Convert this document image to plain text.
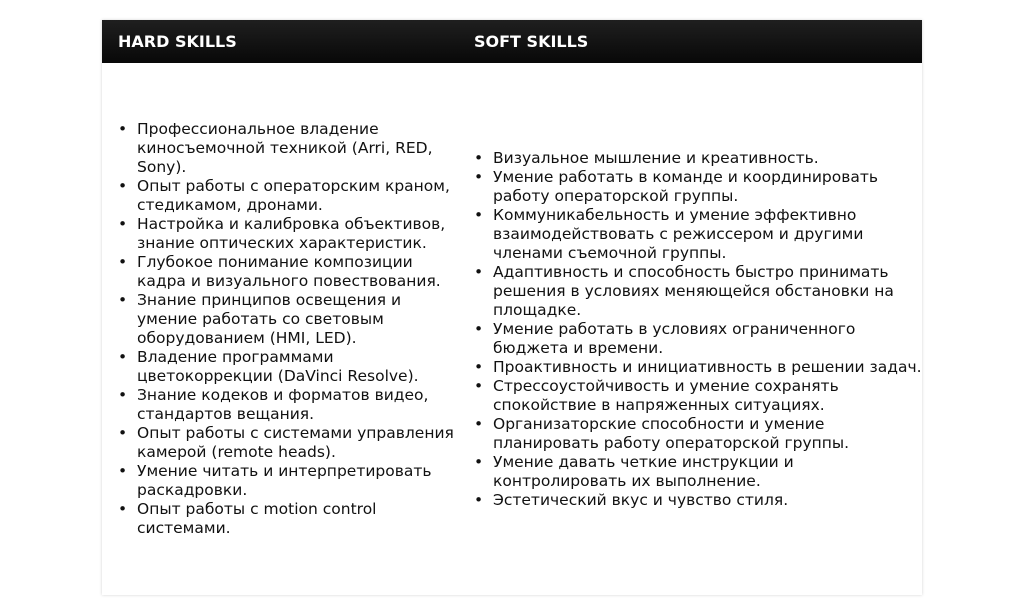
HARD SKILLS	SOFT SKILLS
• Профессиональное владение киносъемочной техникой (Arri, RED, Sony).
• Опыт работы с операторским краном, стедикамом, дронами.
• Настройка и калибровка объективов, знание оптических характеристик.
• Глубокое понимание композиции кадра и визуального повествования.
• Знание принципов освещения и умение работать со световым оборудованием (HMI, LED).
• Владение программами цветокоррекции (DaVinci Resolve).
• Знание кодеков и форматов видео, стандартов вещания.
• Опыт работы с системами управления камерой (remote heads).
• Умение читать и интерпретировать раскадровки.
• Опыт работы с motion control системами.
• Визуальное мышление и креативность.
• Умение работать в команде и координировать работу операторской группы.
• Коммуникабельность и умение эффективно взаимодействовать с режиссером и другими членами съемочной группы.
• Адаптивность и способность быстро принимать решения в условиях меняющейся обстановки на площадке.
• Умение работать в условиях ограниченного бюджета и времени.
• Проактивность и инициативность в решении задач.
• Стрессоустойчивость и умение сохранять спокойствие в напряженных ситуациях.
• Организаторские способности и умение планировать работу операторской группы.
• Умение давать четкие инструкции и контролировать их выполнение.
• Эстетический вкус и чувство стиля.
